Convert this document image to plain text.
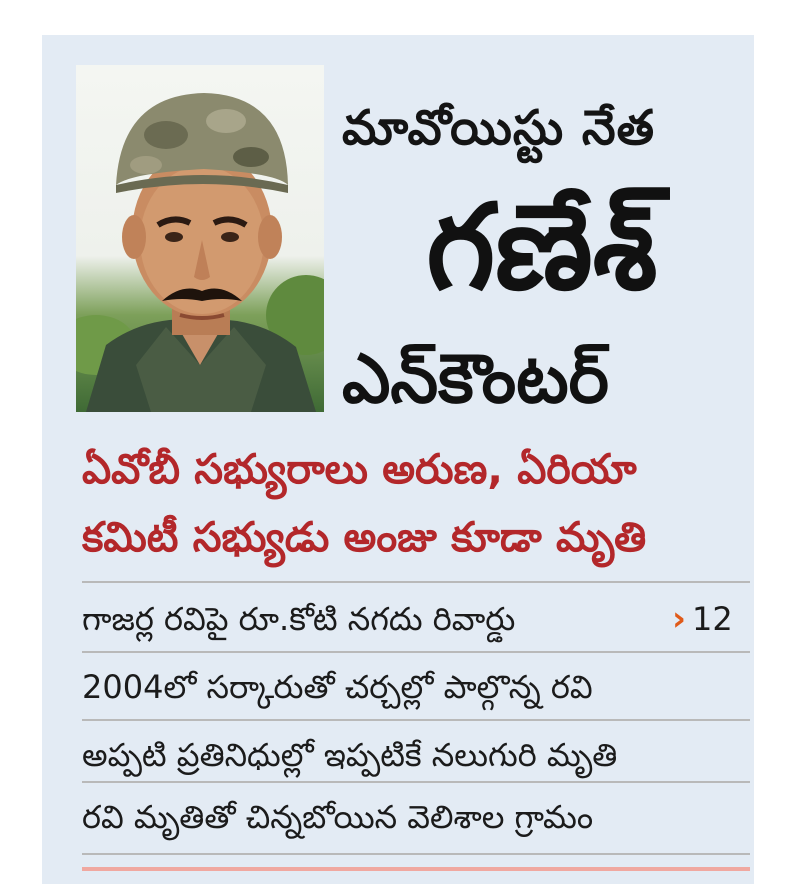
మావోయిస్టు నేత
గణేశ్
ఎన్‌కౌంటర్
ఏవోబీ సభ్యురాలు అరుణ, ఏరియా
కమిటీ సభ్యుడు అంజు కూడా మృతి
గాజర్ల రవిపై రూ.కోటి నగదు రివార్డు	› 12
2004లో సర్కారుతో చర్చల్లో పాల్గొన్న రవి
అప్పటి ప్రతినిధుల్లో ఇప్పటికే నలుగురి మృతి
రవి మృతితో చిన్నబోయిన వెలిశాల గ్రామం
